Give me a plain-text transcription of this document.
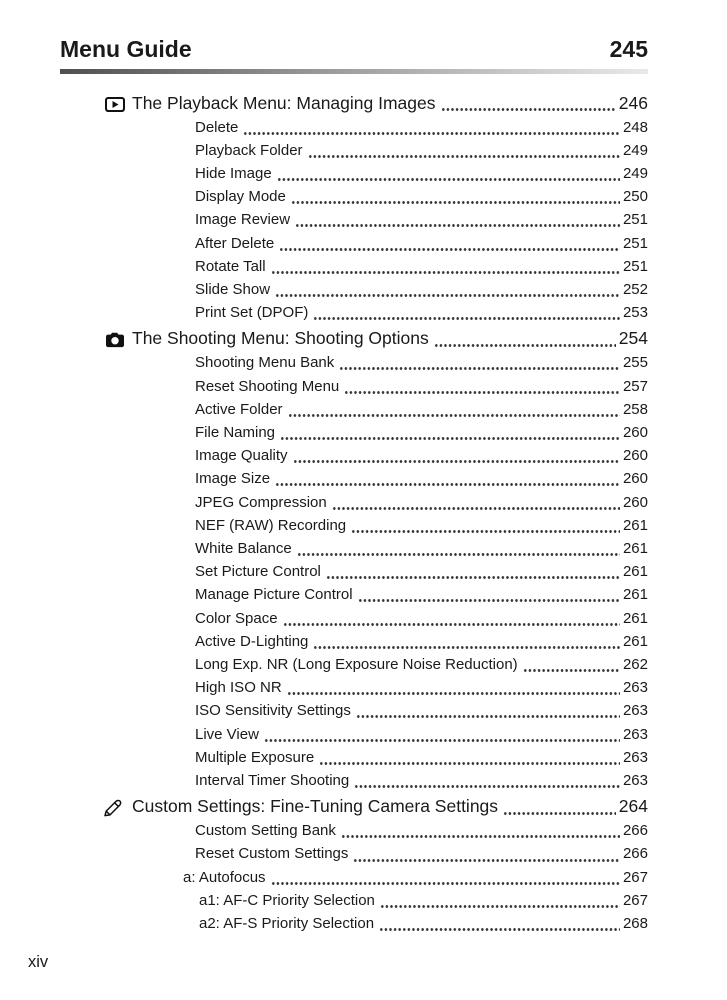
Menu Guide	245
The Playback Menu: Managing Images	246
Delete	248
Playback Folder	249
Hide Image	249
Display Mode	250
Image Review	251
After Delete	251
Rotate Tall	251
Slide Show	252
Print Set (DPOF)	253
The Shooting Menu: Shooting Options	254
Shooting Menu Bank	255
Reset Shooting Menu	257
Active Folder	258
File Naming	260
Image Quality	260
Image Size	260
JPEG Compression	260
NEF (RAW) Recording	261
White Balance	261
Set Picture Control	261
Manage Picture Control	261
Color Space	261
Active D-Lighting	261
Long Exp. NR (Long Exposure Noise Reduction)	262
High ISO NR	263
ISO Sensitivity Settings	263
Live View	263
Multiple Exposure	263
Interval Timer Shooting	263
Custom Settings: Fine-Tuning Camera Settings	264
Custom Setting Bank	266
Reset Custom Settings	266
a: Autofocus	267
a1: AF-C Priority Selection	267
a2: AF-S Priority Selection	268
xiv
